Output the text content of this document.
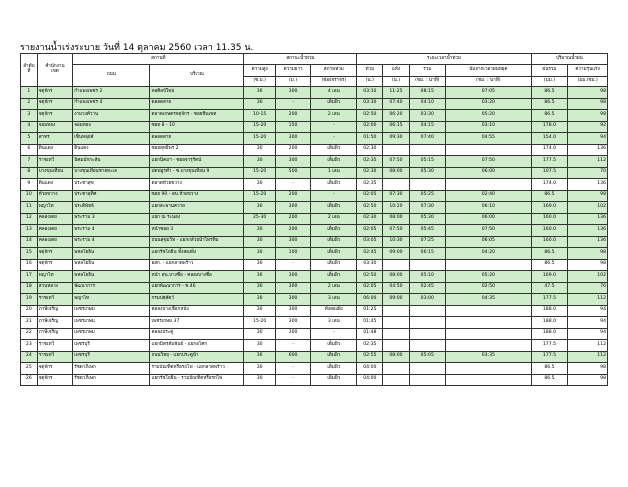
รายงานน้ำเร่งระบาย วันที่ 14 ตุลาคม 2560 เวลา 11.35 น.
ลำดับ
ที่	สำนักงาน
เขต	สถานที่		สถานะน้ำท่วม			ระยะเวลาน้ำท่วม				ปริมาณน้ำฝน	
		ถนน	บริเวณ	ความสูง	ความยาว	สภาพท่วม	ท่วม	แห้ง	รวม	นับจากเวลาฝนหยุด	ฝนรวม	ความรุนแรง
				(ซ.ม.)	(ม.)	(ช่องจราจร)	(น.)	(น.)	(ชม. : นาที)	(ชม. : นาที)	(มม.)	(มม./ชม.)
1	จตุจักร	กำแพงเพชร 2	หอศิลป์ใหม่	30	300	4 เลน	03:10	11:25	08:15	07:05	86.5	98
2	จตุจักร	กำแพงเพชร 4	ตลอดสาย	30	-	เต็มผิว	03:30	07:40	04:10	03:20	86.5	98
3	จตุจักร	งามวงศ์วาน	ตลาดเกษตรจตุจักร - ซอยชินเขต	10-15	200	2 เลน	02:50	06:20	03:30	05:20	86.5	98
4	จอมทอง	จอมทอง	ซอย 8 - 10	15-20	150	-	02:00	06:15	04:15	03:10	178.0	92
5	สาทร	เซ็นหลุยส์	ตลอดสาย	15-20	300	-	01:50	09:30	07:40	04:55	154.0	94
6	ดินแดง	ดินแดง	ซอยสุทธิพร 2	30	200	เต็มผิว	02:30				174.0	136
7	ราชเทวี	นิคมมักกะสัน	แยกนิคมฯ - ซอยจารุรัตน์	30	300	เต็มผิว	02:35	07:50	05:15	07:50	177.5	112
8	บางขุนเทียน	บางขุนเทียนชายทะเล	ปตฟอูรต่ำ - ซ.บางขุนเทียน 9	15-20	500	1 เลน	02:30	08:00	05:30	06:00	107.5	70
9	ดินแดง	ประชาสุข	ตลาดห้วยขวาง	30	-	เต็มผิว	02:35				174.0	136
10	ห้วยขวาง	ประชาอุทิศ	ซอย 90 - สน.ห้วยขวาง	15-20	200	-	02:05	07:30	05:25	02:40	86.5	98
11	พญาไท	ประดิพัทธ์	แยกสะพานควาย	30	300	เต็มผิว	02:50	10:20	07:30	06:10	169.0	102
12	คลองเตย	พระราม 3	แยก ณ ระนอง	25-30	200	2 เลน	02:30	08:00	05:30	06:00	160.0	136
13	คลองเตย	พระราม 4	หน้าซอย 3	30	200	เต็มผิว	02:05	07:50	05:45	07:50	160.0	136
14	คลองเตย	พระราม 4	ถนนสุขุมวิท - แยกกล้วยน้ำไทรทิม	30	300	เต็มผิว	03:05	10:30	07:25	06:05	160.0	136
15	จตุจักร	พหลโยธิน	แยกรัชโยธิน ทั้งสองฝั่ง	30	100	เต็มผิว	02:45	09:00	06:15	04:20	86.5	98
16	จตุจักร	พหลโยธิน	อสก. - แยกลาดพร้าว	30	-	เต็มผิว	03:30				86.5	98
17	พญาไท	พหลโยธิน	หน้า สน.บางซื่อ - คลองบางซื่อ	30	300	เต็มผิว	02:50	08:00	05:10	05:20	169.0	102
18	สวนหลวง	พัฒนาการ	แยกพัฒนาการ - ซ.46	30	300	2 เลน	02:05	04:50	02:45	02:50	47.5	76
19	ราชเทวี	พญาไท	กรมปศุสัตว์	30	300	3 เลน	06:00	09:00	03:00	04:35	177.5	112
20	ภาษีเจริญ	เพชรเกษม	คลองบางเชือกหนัง	30	300	ทั้งสองฝั่ง	01:25				188.0	94
21	ภาษีเจริญ	เพชรเกษม	เพชรเกษม 37	15-20	300	3 เลน	01:45				188.0	94
22	ภาษีเจริญ	เพชรเกษม	คลองประตู	30	300	-	01:48				188.0	94
23	ราชเทวี	เพชรบุรี	แยกมิตรสัมพันธ์ - แยกอโศก	30	-	เต็มผิว	02:35				177.5	112
24	ราชเทวี	เพชรบุรี	ถนนวิทยุ - แยกประตูน้ำ	30	600	เต็มผิว	02:55	08:00	05:05	03:35	177.5	112
25	จตุจักร	รัชดาภิเษก	รามบัณฑิตหรือรถไฟ - แยกลาดพร้าว	30	-	เต็มผิว	04:00				86.5	98
26	จตุจักร	รัชดาภิเษก	แยกรัชโยธิน - รามบัณฑิตหรือรถไฟ	30	-	เต็มผิว	04:00				86.5	98
